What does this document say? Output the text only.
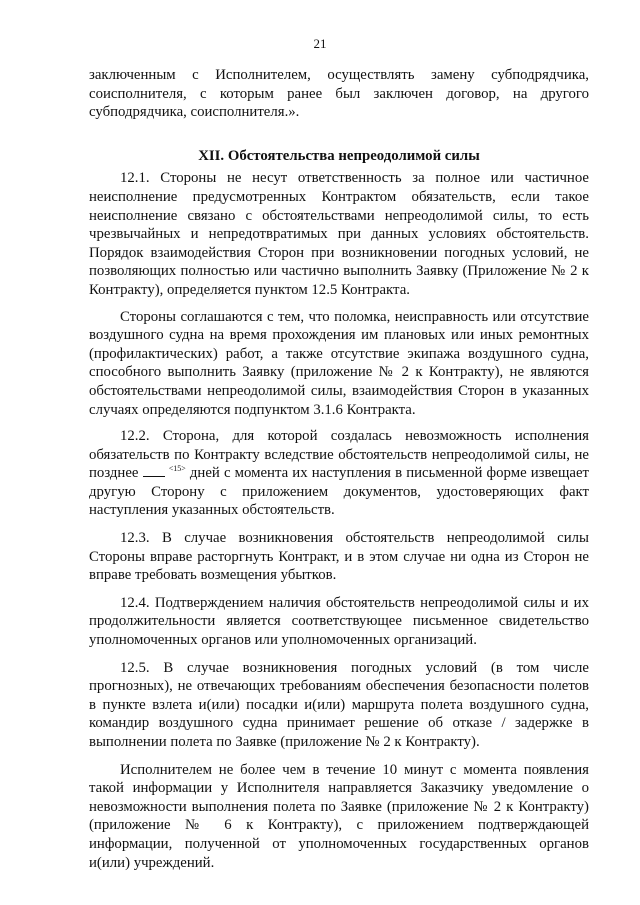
21

заключенным с Исполнителем, осуществлять замену субподрядчика, соисполнителя, с которым ранее был заключен договор, на другого субподрядчика, соисполнителя.».

XII. Обстоятельства непреодолимой силы

12.1. Стороны не несут ответственность за полное или частичное неисполнение предусмотренных Контрактом обязательств, если такое неисполнение связано с обстоятельствами непреодолимой силы, то есть чрезвычайных и непредотвратимых при данных условиях обстоятельств. Порядок взаимодействия Сторон при возникновении погодных условий, не позволяющих полностью или частично выполнить Заявку (Приложение № 2 к Контракту), определяется пунктом 12.5 Контракта.

Стороны соглашаются с тем, что поломка, неисправность или отсутствие воздушного судна на время прохождения им плановых или иных ремонтных (профилактических) работ, а также отсутствие экипажа воздушного судна, способного выполнить Заявку (приложение № 2 к Контракту), не являются обстоятельствами непреодолимой силы, взаимодействия Сторон в указанных случаях определяются подпунктом 3.1.6 Контракта.

12.2. Сторона, для которой создалась невозможность исполнения обязательств по Контракту вследствие обстоятельств непреодолимой силы, не позднее	$^{<15>}$ дней с момента их наступления в письменной форме извещает другую Сторону с приложением документов, удостоверяющих факт наступления указанных обстоятельств.

12.3. В случае возникновения обстоятельств непреодолимой силы Стороны вправе расторгнуть Контракт, и в этом случае ни одна из Сторон не вправе требовать возмещения убытков.

12.4. Подтверждением наличия обстоятельств непреодолимой силы и их продолжительности является соответствующее письменное свидетельство уполномоченных органов или уполномоченных организаций.

12.5. В случае возникновения погодных условий (в том числе прогнозных), не отвечающих требованиям обеспечения безопасности полетов в пункте взлета и(или) посадки и(или) маршрута полета воздушного судна, командир воздушного судна принимает решение об отказе / задержке в выполнении полета по Заявке (приложение № 2 к Контракту).

Исполнителем не более чем в течение 10 минут с момента появления такой информации у Исполнителя направляется Заказчику уведомление о невозможности выполнения полета по Заявке (приложение № 2 к Контракту) (приложение № 6 к Контракту), с приложением подтверждающей информации, полученной от уполномоченных государственных органов и(или) учреждений.
